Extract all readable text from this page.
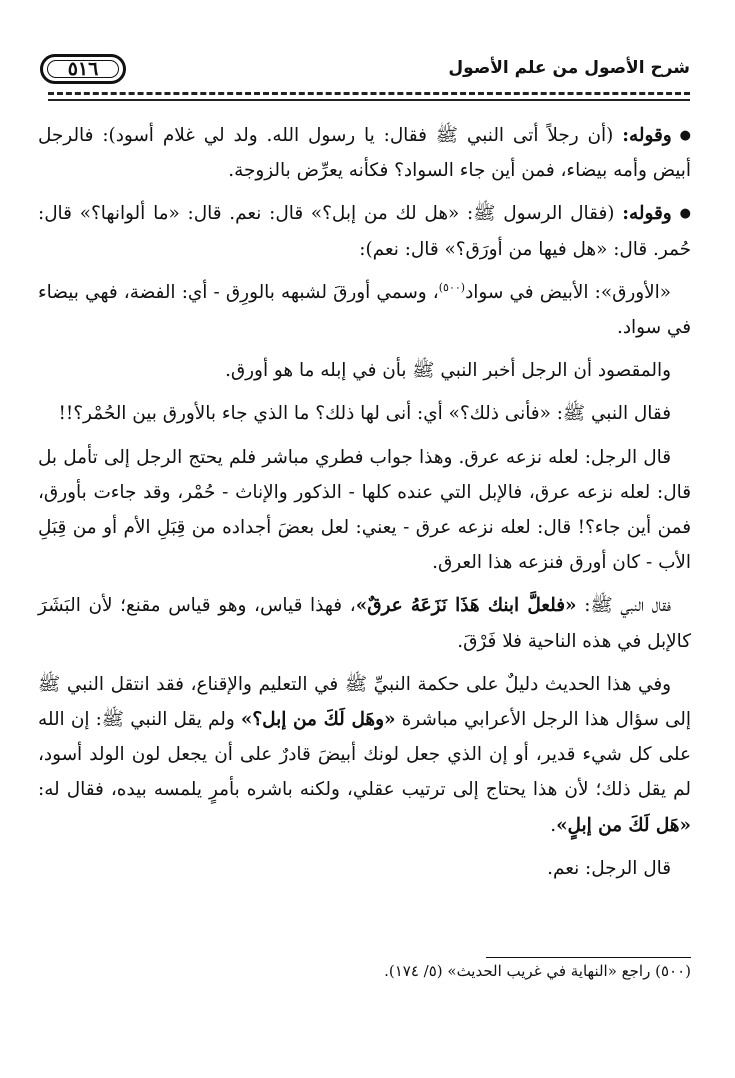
٥١٦	شرح الأصول من علم الأصول

● وقوله: (أن رجلاً أتى النبي ﷺ فقال: يا رسول الله. ولد لي غلام أسود): فالرجل أبيض وأمه بيضاء، فمن أين جاء السواد؟ فكأنه يعرِّض بالزوجة.

● وقوله: (فقال الرسول ﷺ: «هل لك من إبل؟» قال: نعم. قال: «ما ألوانها؟» قال: حُمر. قال: «هل فيها من أورَق؟» قال: نعم):

«الأورق»: الأبيض في سواد$^{(٥٠٠)}$، وسمي أورقَ لشبهه بالورِق - أي: الفضة، فهي بيضاء في سواد.

والمقصود أن الرجل أخبر النبي ﷺ بأن في إبله ما هو أورق.

فقال النبي ﷺ: «فأنى ذلك؟» أي: أنى لها ذلك؟ ما الذي جاء بالأورق بين الحُمْر؟!!

قال الرجل: لعله نزعه عرق. وهذا جواب فطري مباشر فلم يحتج الرجل إلى تأمل بل قال: لعله نزعه عرق، فالإبل التي عنده كلها - الذكور والإناث - حُمْر، وقد جاءت بأورق، فمن أين جاء؟! قال: لعله نزعه عرق - يعني: لعل بعضَ أجداده من قِبَلِ الأم أو من قِبَلِ الأب - كان أورق فنزعه هذا العرق.

فقال النبي ﷺ: «فلعلَّ ابنك هَذَا نَزَعَهُ عرقٌ»، فهذا قياس، وهو قياس مقنع؛ لأن البَشَرَ كالإبل في هذه الناحية فلا فَرْقَ.

وفي هذا الحديث دليلٌ على حكمة النبيِّ ﷺ في التعليم والإقناع، فقد انتقل النبي ﷺ إلى سؤال هذا الرجل الأعرابي مباشرة «وهَل لَكَ من إبل؟» ولم يقل النبي ﷺ: إن الله على كل شيء قدير، أو إن الذي جعل لونك أبيضَ قادرٌ على أن يجعل لون الولد أسود، لم يقل ذلك؛ لأن هذا يحتاج إلى ترتيب عقلي، ولكنه باشره بأمرٍ يلمسه بيده، فقال له: «هَل لَكَ من إبلٍ».

قال الرجل: نعم.

(٥٠٠) راجع «النهاية في غريب الحديث» (٥/ ١٧٤).
